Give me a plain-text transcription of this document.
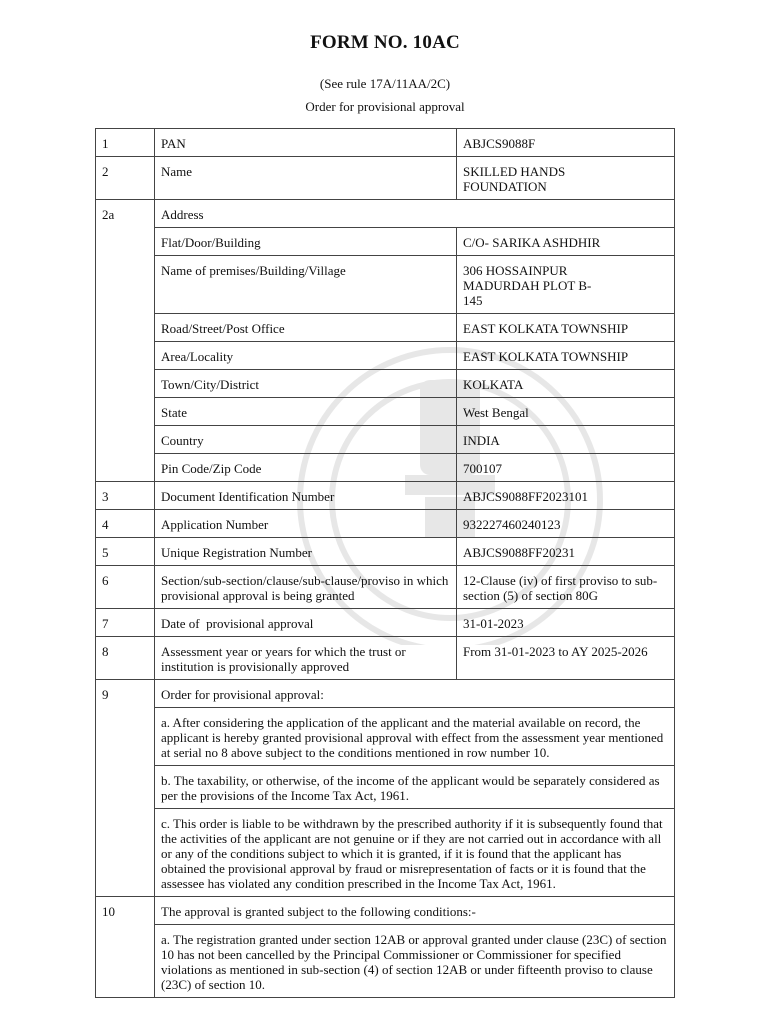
FORM NO. 10AC
(See rule 17A/11AA/2C)
Order for provisional approval
1	PAN	ABJCS9088F
2	Name	SKILLED HANDS FOUNDATION
2a	Address	
	Flat/Door/Building	C/O- SARIKA ASHDHIR
	Name of premises/Building/Village	306 HOSSAINPUR MADURDAH PLOT B- 145
	Road/Street/Post Office	EAST KOLKATA TOWNSHIP
	Area/Locality	EAST KOLKATA TOWNSHIP
	Town/City/District	KOLKATA
	State	West Bengal
	Country	INDIA
	Pin Code/Zip Code	700107
3	Document Identification Number	ABJCS9088FF2023101
4	Application Number	932227460240123
5	Unique Registration Number	ABJCS9088FF20231
6	Section/sub-section/clause/sub-clause/proviso in which provisional approval is being granted	12-Clause (iv) of first proviso to sub-section (5) of section 80G
7	Date of  provisional approval	31-01-2023
8	Assessment year or years for which the trust or institution is provisionally approved	From 31-01-2023 to AY 2025-2026
9	Order for provisional approval:	
	a. After considering the application of the applicant and the material available on record, the applicant is hereby granted provisional approval with effect from the assessment year mentioned at serial no 8 above subject to the conditions mentioned in row number 10.	
	b. The taxability, or otherwise, of the income of the applicant would be separately considered as per the provisions of the Income Tax Act, 1961.	
	c. This order is liable to be withdrawn by the prescribed authority if it is subsequently found that the activities of the applicant are not genuine or if they are not carried out in accordance with all or any of the conditions subject to which it is granted, if it is found that the applicant has obtained the provisional approval by fraud or misrepresentation of facts or it is found that the assessee has violated any condition prescribed in the Income Tax Act, 1961.	
10	The approval is granted subject to the following conditions:-	
	a. The registration granted under section 12AB or approval granted under clause (23C) of section 10 has not been cancelled by the Principal Commissioner or Commissioner for specified violations as mentioned in sub-section (4) of section 12AB or under fifteenth proviso to clause (23C) of section 10.	
